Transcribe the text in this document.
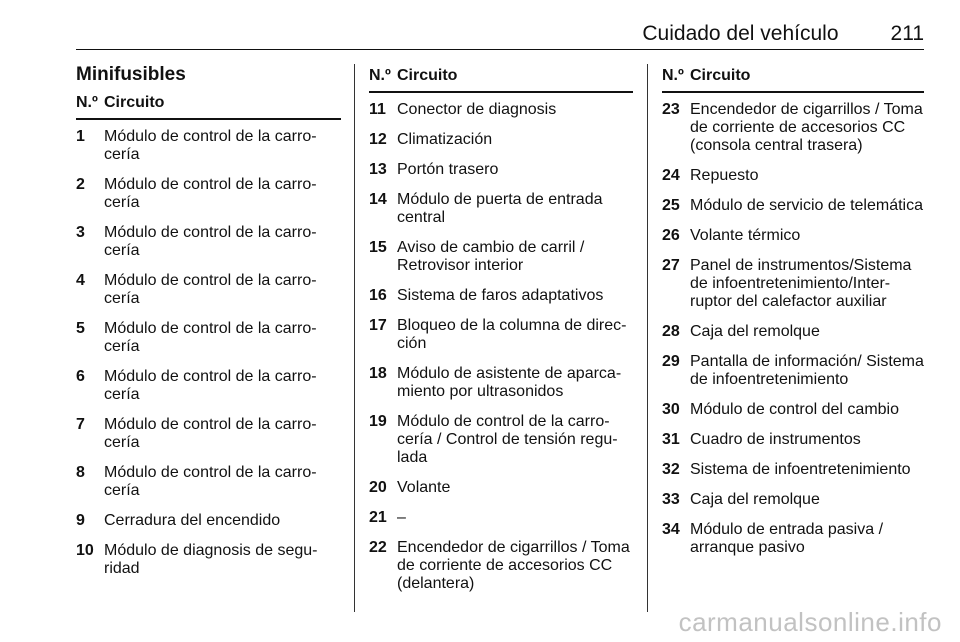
Cuidado del vehículo 211
Minifusibles
N.º Circuito
1	Módulo de control de la carrocería
2	Módulo de control de la carrocería
3	Módulo de control de la carrocería
4	Módulo de control de la carrocería
5	Módulo de control de la carrocería
6	Módulo de control de la carrocería
7	Módulo de control de la carrocería
8	Módulo de control de la carrocería
9	Cerradura del encendido
10 Módulo de diagnosis de seguridad
N.º Circuito
11 Conector de diagnosis
12 Climatización
13 Portón trasero
14 Módulo de puerta de entrada central
15 Aviso de cambio de carril / Retrovisor interior
16 Sistema de faros adaptativos
17 Bloqueo de la columna de dirección
18 Módulo de asistente de aparcamiento por ultrasonidos
19 Módulo de control de la carrocería / Control de tensión regulada
20 Volante
21 –
22 Encendedor de cigarrillos / Toma de corriente de accesorios CC (delantera)
N.º Circuito
23 Encendedor de cigarrillos / Toma de corriente de accesorios CC (consola central trasera)
24 Repuesto
25 Módulo de servicio de telemática
26 Volante térmico
27 Panel de instrumentos/Sistema de infoentretenimiento/Interruptor del calefactor auxiliar
28 Caja del remolque
29 Pantalla de información/ Sistema de infoentretenimiento
30 Módulo de control del cambio
31 Cuadro de instrumentos
32 Sistema de infoentretenimiento
33 Caja del remolque
34 Módulo de entrada pasiva / arranque pasivo
carmanualsonline.info
